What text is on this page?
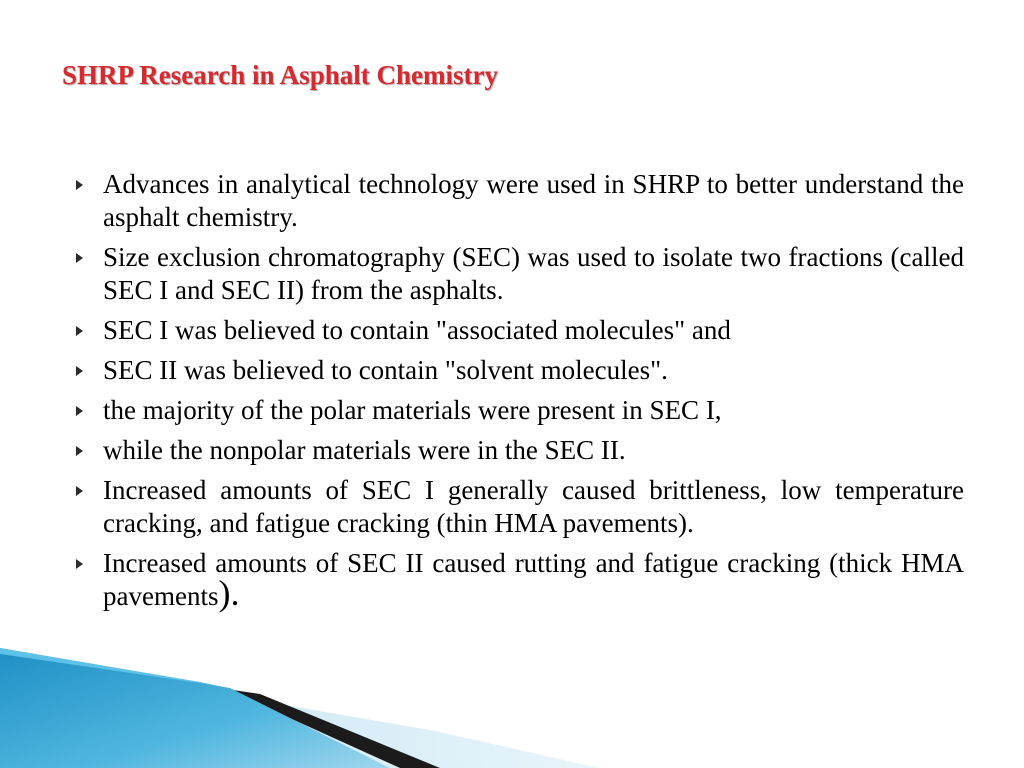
SHRP Research in Asphalt Chemistry
Advances in analytical technology were used in SHRP to better understand the asphalt chemistry.
Size exclusion chromatography (SEC) was used to isolate two fractions (called SEC I and SEC II) from the asphalts.
SEC I was believed to contain "associated molecules" and
SEC II was believed to contain "solvent molecules".
the majority of the polar materials were present in SEC I,
while the nonpolar materials were in the SEC II.
Increased amounts of SEC I generally caused brittleness, low temperature cracking, and fatigue cracking (thin HMA pavements).
Increased amounts of SEC II caused rutting and fatigue cracking (thick HMA pavements).
